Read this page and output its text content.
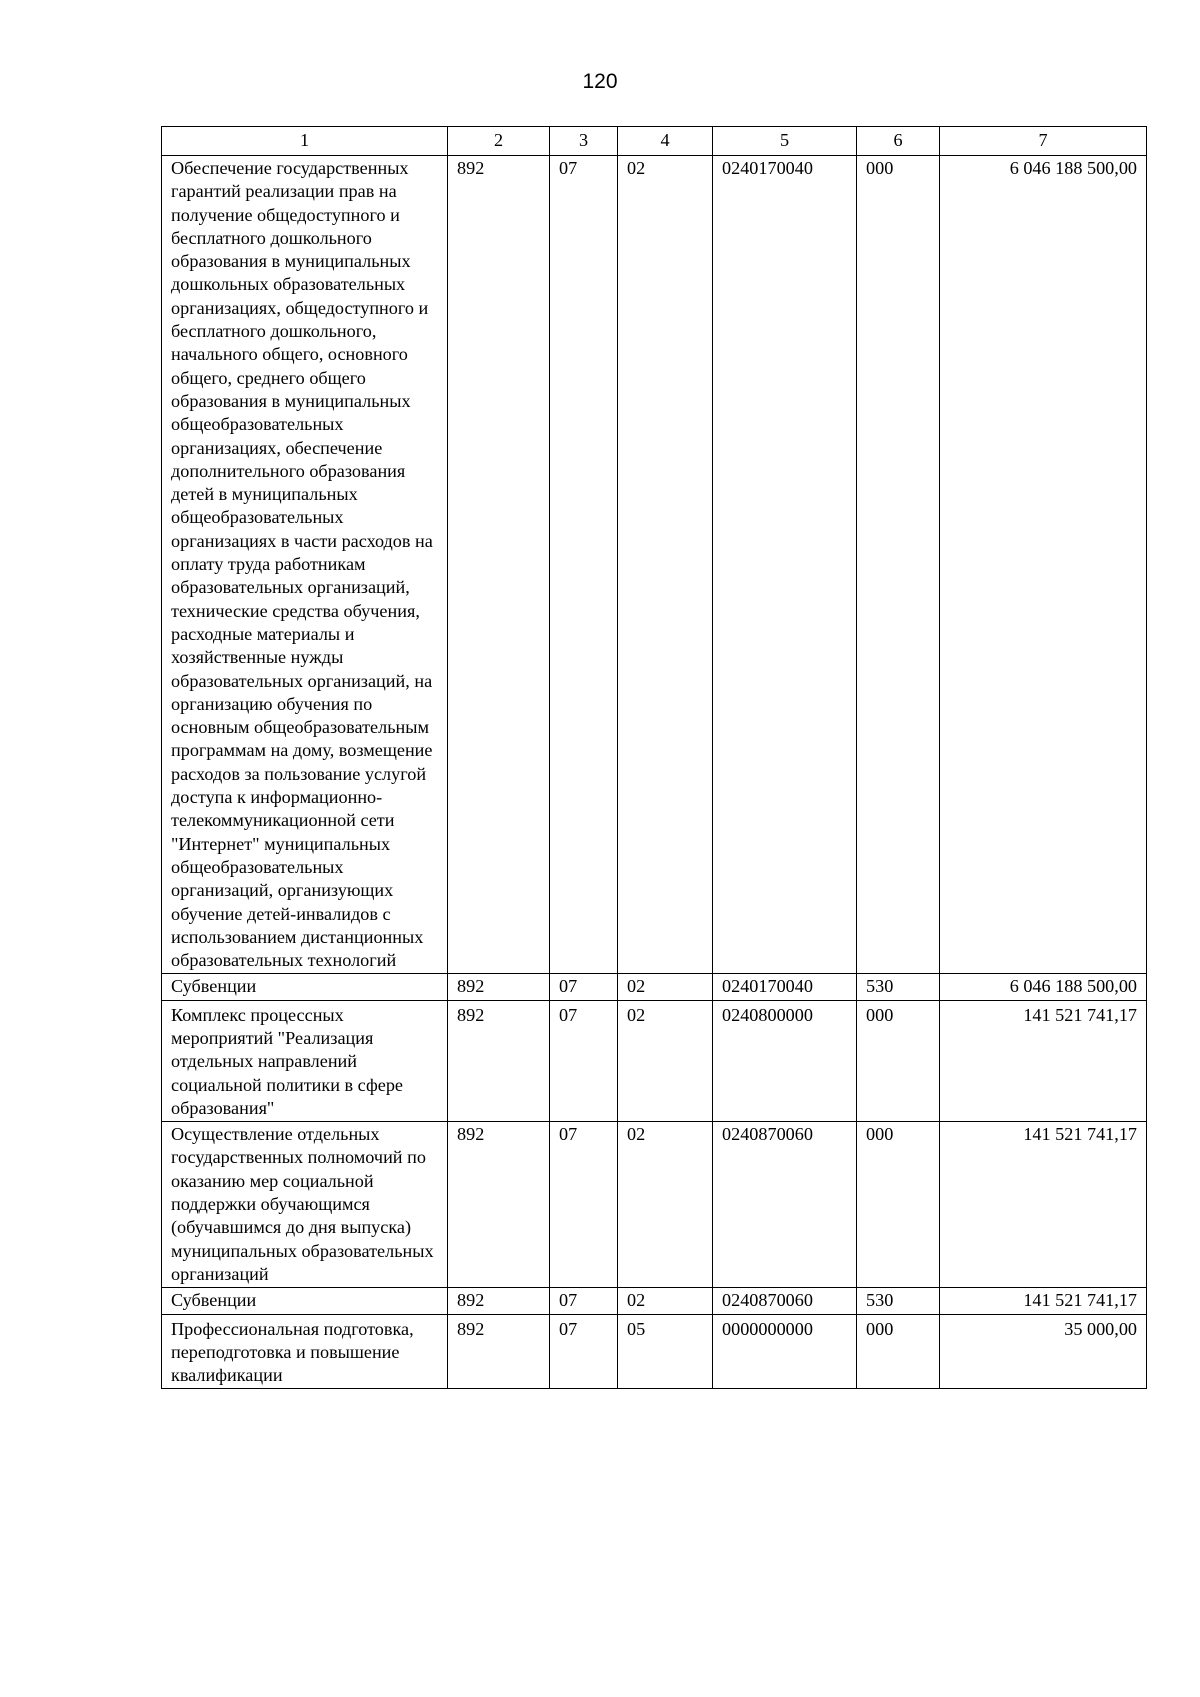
120
1	2	3	4	5	6	7
Обеспечение государственных гарантий реализации прав на получение общедоступного и бесплатного дошкольного образования в муниципальных дошкольных образовательных организациях, общедоступного и бесплатного дошкольного, начального общего, основного общего, среднего общего образования в муниципальных общеобразовательных организациях, обеспечение дополнительного образования детей в муниципальных общеобразовательных организациях в части расходов на оплату труда работникам образовательных организаций, технические средства обучения, расходные материалы и хозяйственные нужды образовательных организаций, на организацию обучения по основным общеобразовательным программам на дому, возмещение расходов за пользование услугой доступа к информационно-телекоммуникационной сети "Интернет" муниципальных общеобразовательных организаций, организующих обучение детей-инвалидов с использованием дистанционных образовательных технологий	892	07	02	0240170040	000	6 046 188 500,00
Субвенции	892	07	02	0240170040	530	6 046 188 500,00
Комплекс процессных мероприятий "Реализация отдельных направлений социальной политики в сфере образования"	892	07	02	0240800000	000	141 521 741,17
Осуществление отдельных государственных полномочий по оказанию мер социальной поддержки обучающимся (обучавшимся до дня выпуска) муниципальных образовательных организаций	892	07	02	0240870060	000	141 521 741,17
Субвенции	892	07	02	0240870060	530	141 521 741,17
Профессиональная подготовка, переподготовка и повышение квалификации	892	07	05	0000000000	000	35 000,00
